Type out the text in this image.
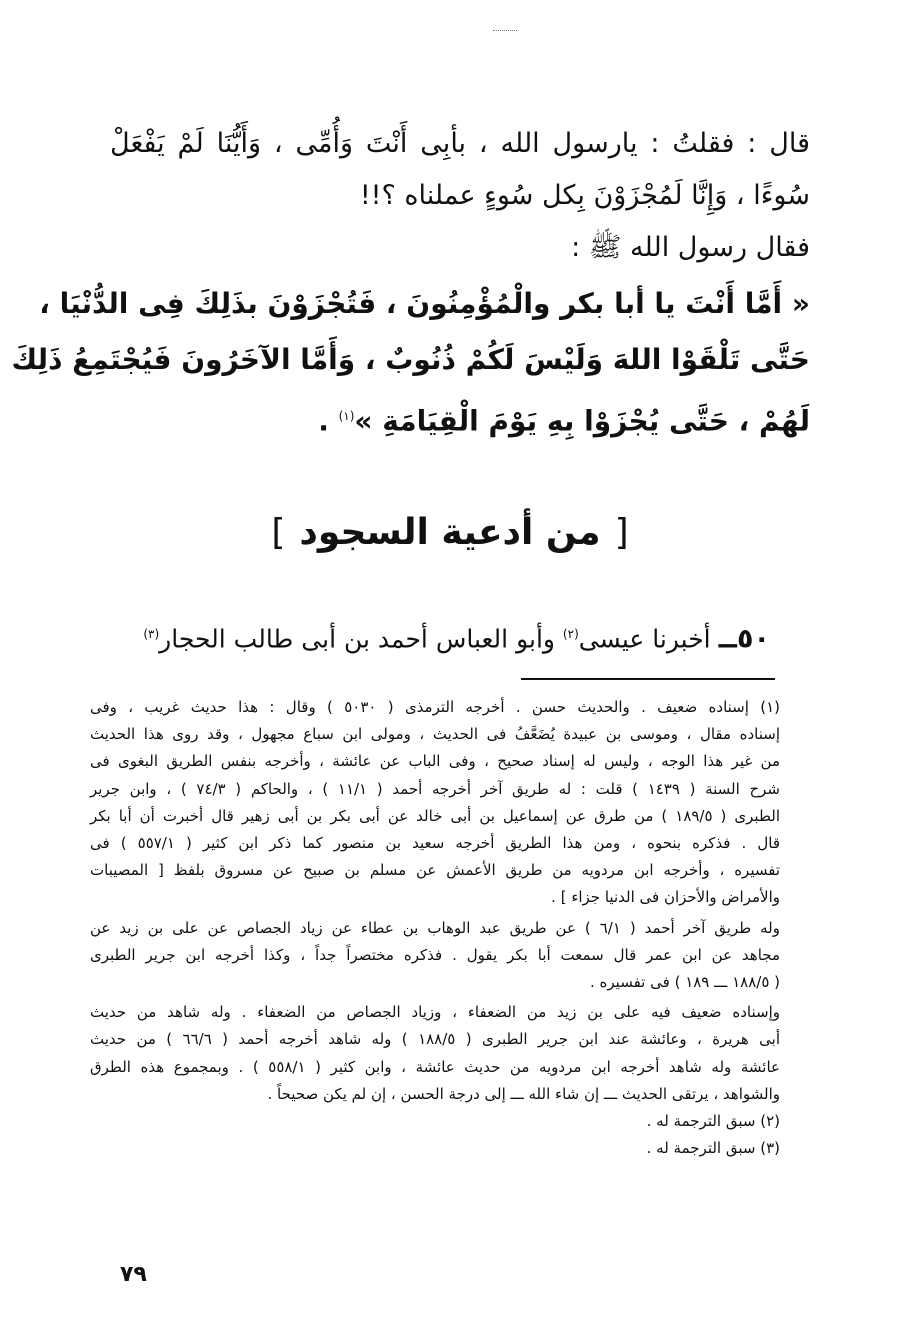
قال : فقلتُ : يارسول الله ، بأبِى أَنْتَ وَأُمِّى ، وَأَيُّنَا لَمْ يَفْعَلْ
سُوءًا ، وَإِنَّا لَمُجْزَوْنَ بِكل سُوءٍ عملناه ؟!!
فقال رسول الله ﷺ :
« أَمَّا أَنْتَ يا أبا بكر والْمُؤْمِنُونَ ، فَتُجْزَوْنَ بذَلِكَ فِى الدُّنْيَا ،
حَتَّى تَلْقَوْا اللهَ وَلَيْسَ لَكُمْ ذُنُوبٌ ، وَأَمَّا الآخَرُونَ فَيُجْتَمِعُ ذَلِكَ
لَهُمْ ، حَتَّى يُجْزَوْا بِهِ يَوْمَ الْقِيَامَةِ »$^{(١)}$ .
[من أدعية السجود]
٥٠ــ أخبرنا عيسى$^{(٢)}$ وأبو العباس أحمد بن أبى طالب الحجار$^{(٣)}$
(١) إسناده ضعيف . والحديث حسن . أخرجه الترمذى ( ٥٠٣٠ ) وقال : هذا حديث غريب ، وفى
إسناده مقال ، وموسى بن عبيدة يُضَعَّفُ فى الحديث ، ومولى ابن سباع مجهول ، وقد روى هذا الحديث
من غير هذا الوجه ، وليس له إسناد صحيح ، وفى الباب عن عائشة ، وأخرجه بنفس الطريق البغوى فى
شرح السنة ( ١٤٣٩ ) قلت : له طريق آخر أخرجه أحمد ( ١١/١ ) ، والحاكم ( ٧٤/٣ ) ، وابن جرير
الطبرى ( ١٨٩/٥ ) من طرق عن إسماعيل بن أبى خالد عن أبى بكر بن أبى زهير قال أخبرت أن أبا بكر
قال . فذكره بنحوه ، ومن هذا الطريق أخرجه سعيد بن منصور كما ذكر ابن كثير ( ٥٥٧/١ ) فى
تفسيره ، وأخرجه ابن مردويه من طريق الأعمش عن مسلم بن صبيح عن مسروق بلفظ [ المصيبات
والأمراض والأحزان فى الدنيا جزاء ] .
وله طريق آخر أحمد ( ٦/١ ) عن طريق عبد الوهاب بن عطاء عن زياد الجصاص عن على بن زيد عن
مجاهد عن ابن عمر قال سمعت أبا بكر يقول . فذكره مختصراً جداً ، وكذا أخرجه ابن جرير الطبرى
( ١٨٨/٥ ـــ ١٨٩ ) فى تفسيره .
وإسناده ضعيف فيه على بن زيد من الضعفاء ، وزياد الجصاص من الضعفاء . وله شاهد من حديث
أبى هريرة ، وعائشة عند ابن جرير الطبرى ( ١٨٨/٥ ) وله شاهد أخرجه أحمد ( ٦٦/٦ ) من حديث
عائشة وله شاهد أخرجه ابن مردويه من حديث عائشة ، وابن كثير ( ٥٥٨/١ ) . وبمجموع هذه الطرق
والشواهد ، يرتقى الحديث ـــ إن شاء الله ـــ إلى درجة الحسن ، إن لم يكن صحيحاً .
(٢) سبق الترجمة له .
(٣) سبق الترجمة له .
٧٩
